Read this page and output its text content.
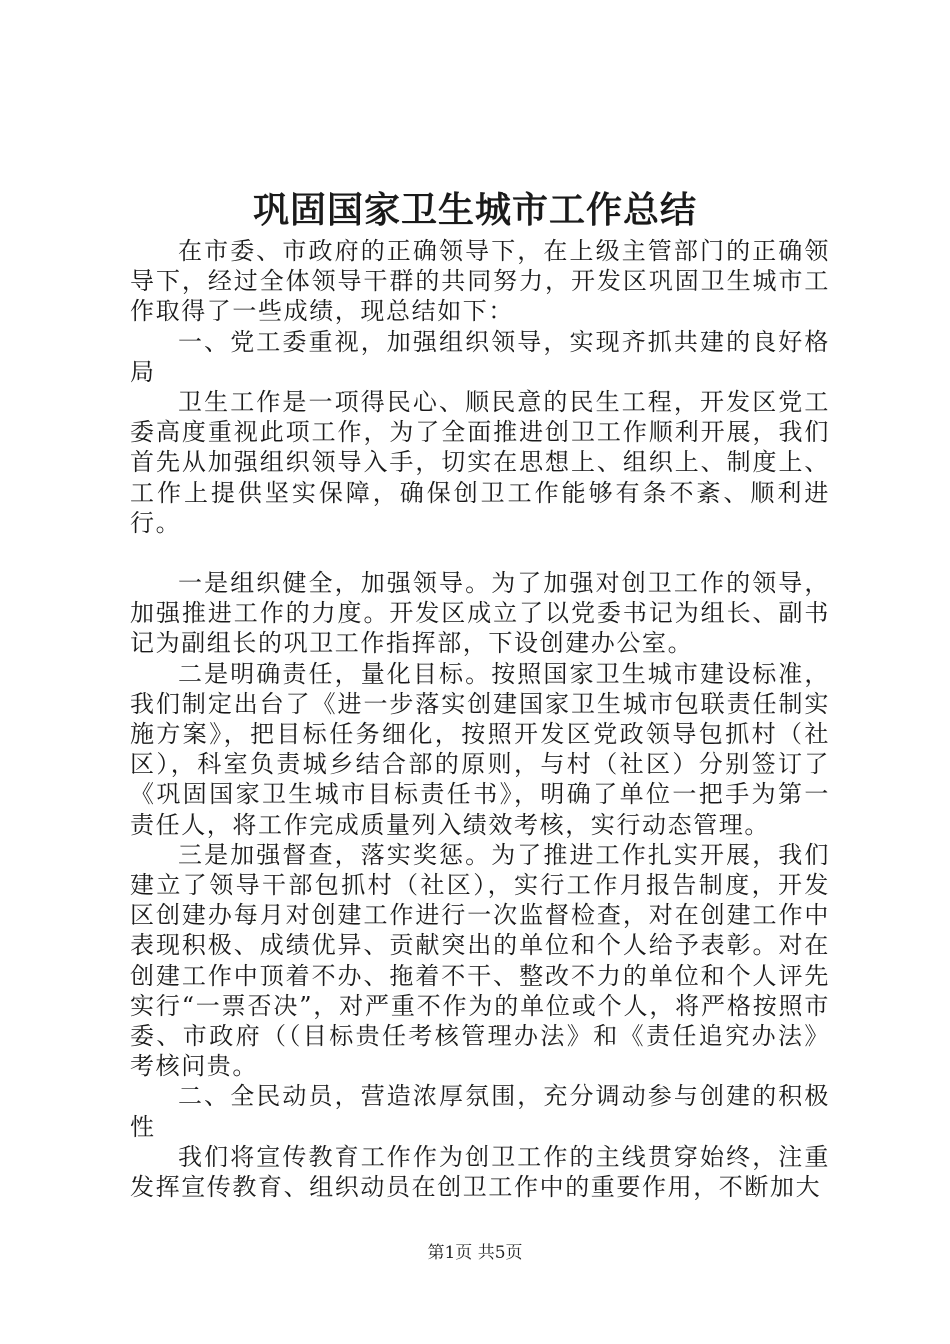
巩固国家卫生城市工作总结

在市委、市政府的正确领导下，在上级主管部门的正确领导下，经过全体领导干群的共同努力，开发区巩固卫生城市工作取得了一些成绩，现总结如下：

一、党工委重视，加强组织领导，实现齐抓共建的良好格局

卫生工作是一项得民心、顺民意的民生工程，开发区党工委高度重视此项工作，为了全面推进创卫工作顺利开展，我们首先从加强组织领导入手，切实在思想上、组织上、制度上、工作上提供坚实保障，确保创卫工作能够有条不紊、顺利进行。

一是组织健全，加强领导。为了加强对创卫工作的领导，加强推进工作的力度。开发区成立了以党委书记为组长、副书记为副组长的巩卫工作指挥部，下设创建办公室。

二是明确责任，量化目标。按照国家卫生城市建设标准，我们制定出台了《进一步落实创建国家卫生城市包联责任制实施方案》，把目标任务细化，按照开发区党政领导包抓村（社区），科室负责城乡结合部的原则，与村（社区）分别签订了《巩固国家卫生城市目标责任书》，明确了单位一把手为第一责任人，将工作完成质量列入绩效考核，实行动态管理。

三是加强督查，落实奖惩。为了推进工作扎实开展，我们建立了领导干部包抓村（社区），实行工作月报告制度，开发区创建办每月对创建工作进行一次监督检查，对在创建工作中表现积极、成绩优异、贡献突出的单位和个人给予表彰。对在创建工作中顶着不办、拖着不干、整改不力的单位和个人评先实行“一票否决”，对严重不作为的单位或个人，将严格按照市委、市政府（（目标贵任考核管理办法》和《责任追究办法》考核问贵。

二、全民动员，营造浓厚氛围，充分调动参与创建的积极性

我们将宣传教育工作作为创卫工作的主线贯穿始终，注重发挥宣传教育、组织动员在创卫工作中的重要作用，不断加大

第1页 共5页
